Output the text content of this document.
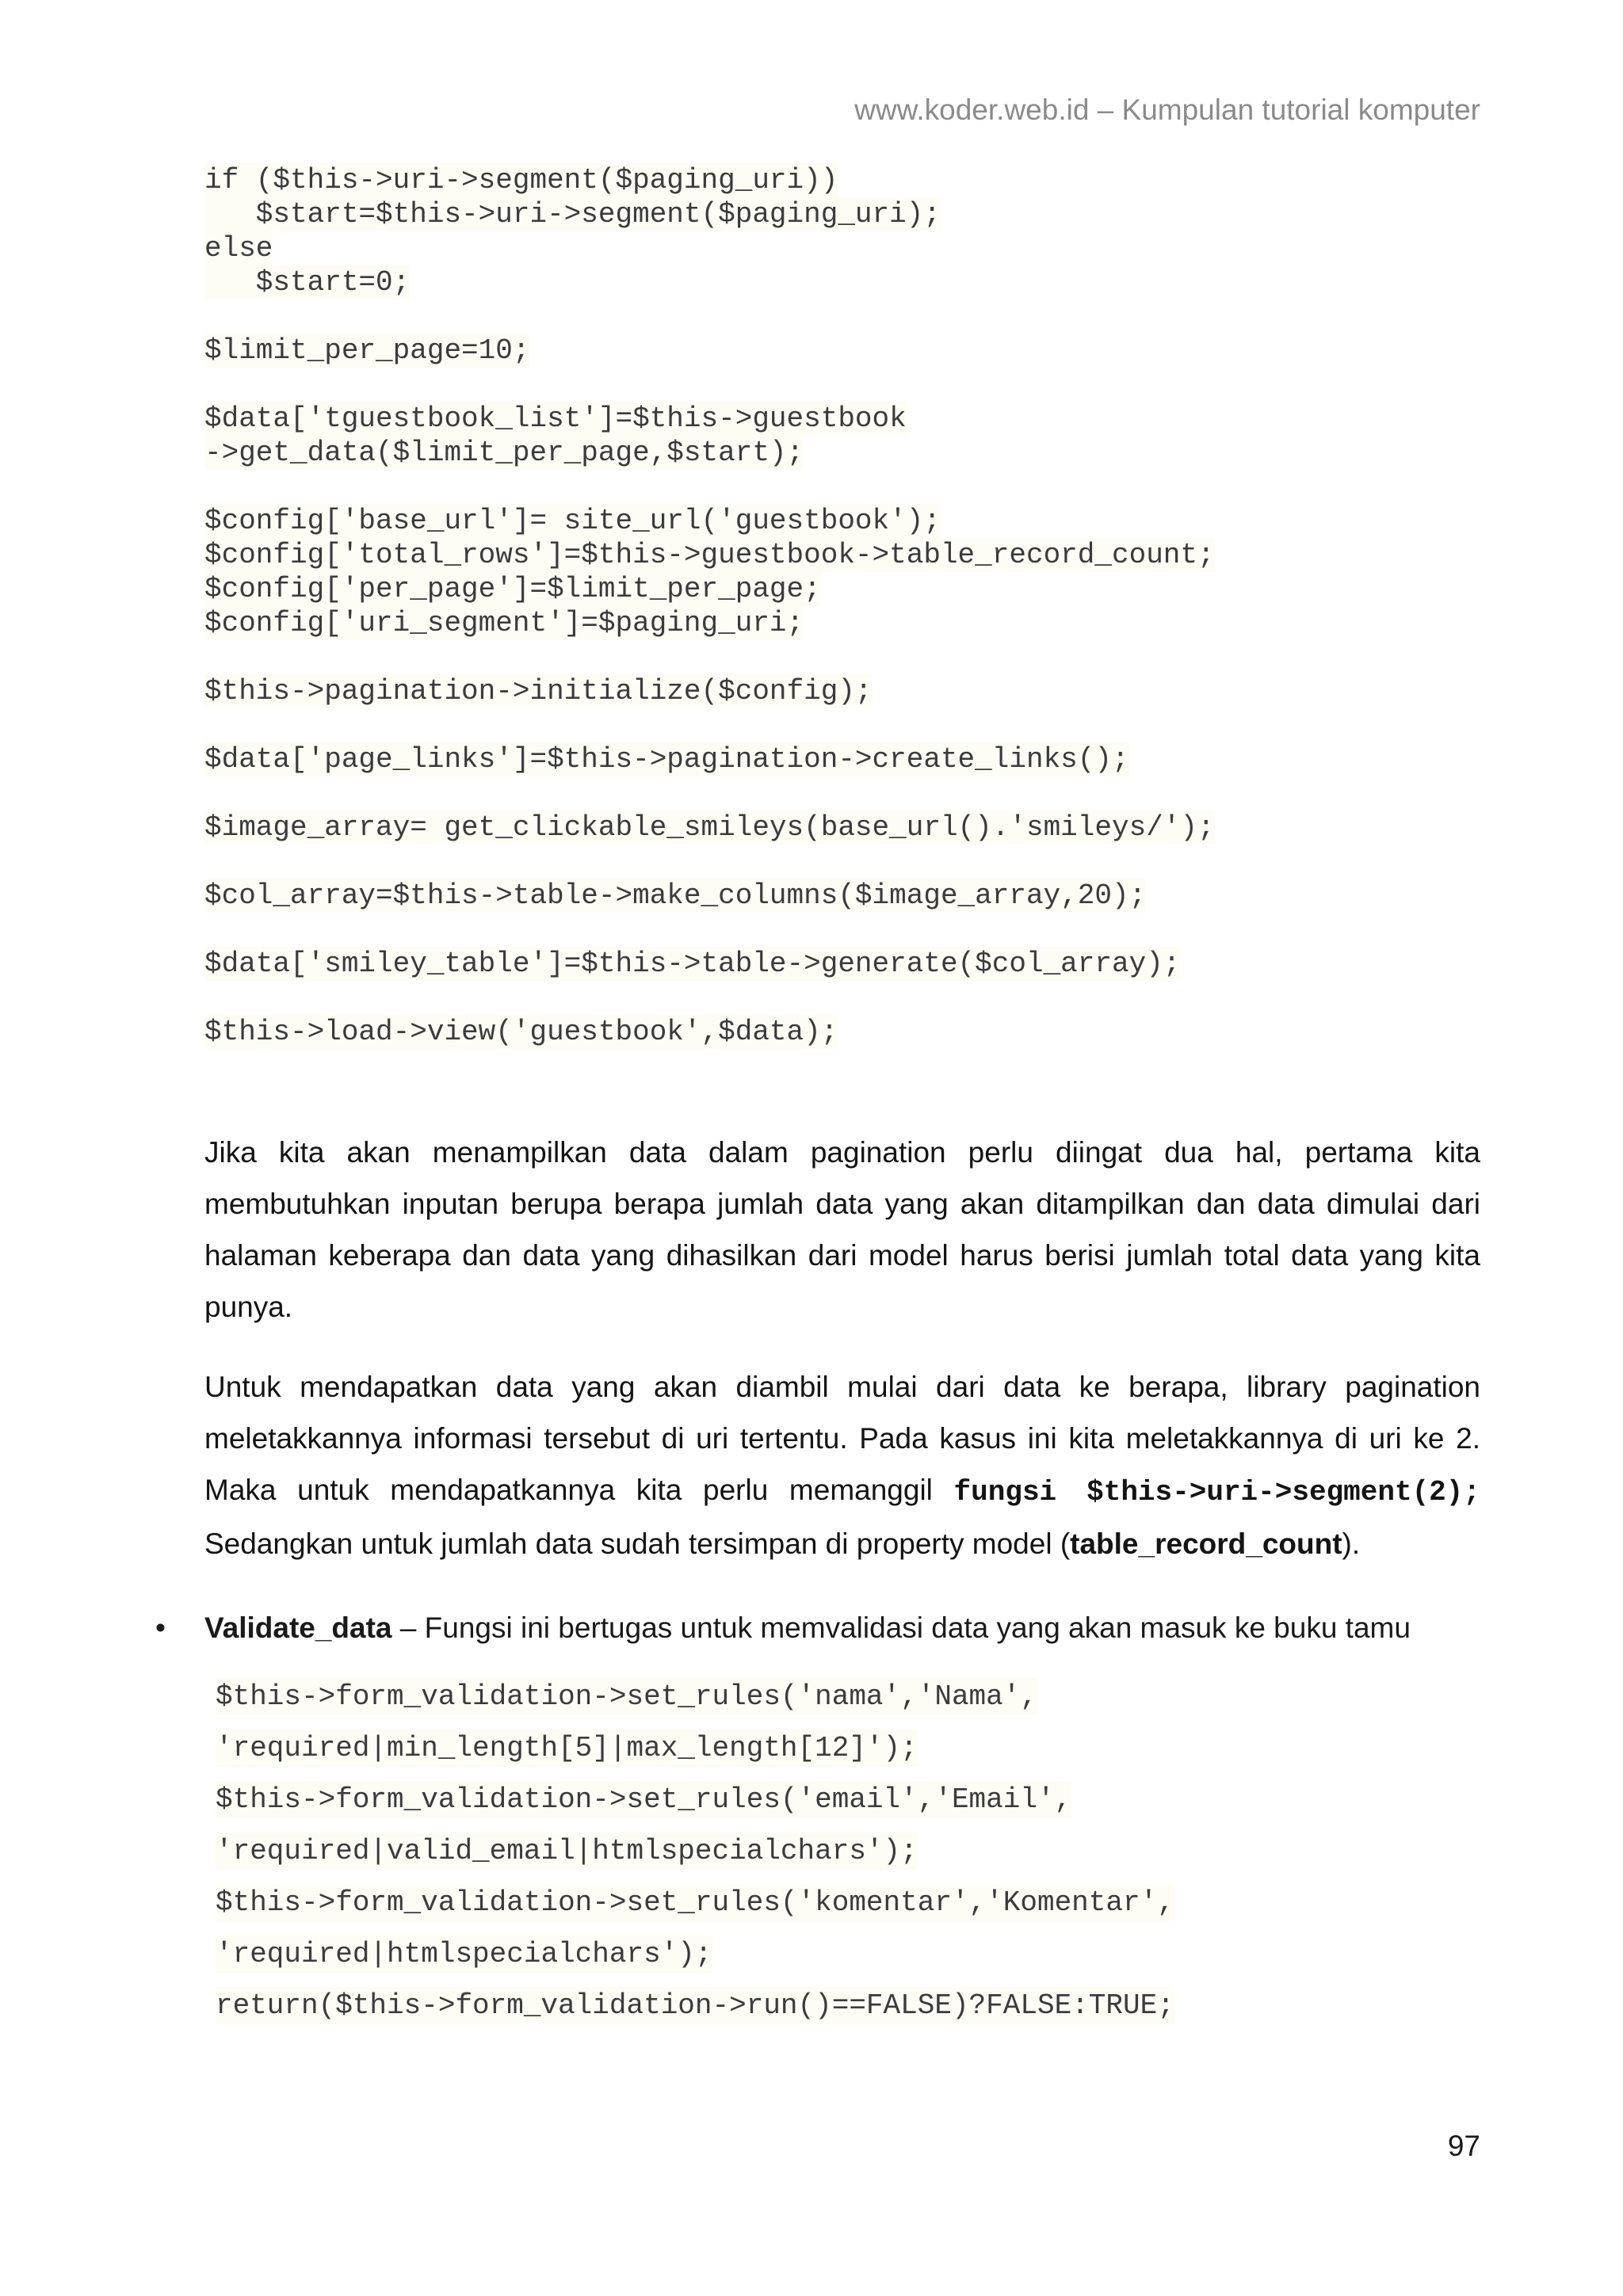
www.koder.web.id – Kumpulan tutorial komputer
if ($this->uri->segment($paging_uri))
$start=$this->uri->segment($paging_uri);
else
$start=0;
$limit_per_page=10;
$data['tguestbook_list']=$this->guestbook
->get_data($limit_per_page,$start);
$config['base_url']= site_url('guestbook');
$config['total_rows']=$this->guestbook->table_record_count;
$config['per_page']=$limit_per_page;
$config['uri_segment']=$paging_uri;
$this->pagination->initialize($config);
$data['page_links']=$this->pagination->create_links();
$image_array= get_clickable_smileys(base_url().'smileys/');
$col_array=$this->table->make_columns($image_array,20);
$data['smiley_table']=$this->table->generate($col_array);
$this->load->view('guestbook',$data);

Jika kita akan menampilkan data dalam pagination perlu diingat dua hal, pertama kita membutuhkan inputan berupa berapa jumlah data yang akan ditampilkan dan data dimulai dari halaman keberapa dan data yang dihasilkan dari model harus berisi jumlah total data yang kita punya.

Untuk mendapatkan data yang akan diambil mulai dari data ke berapa, library pagination meletakkannya informasi tersebut di uri tertentu. Pada kasus ini kita meletakkannya di uri ke 2. Maka untuk mendapatkannya kita perlu memanggil fungsi $this->uri->segment(2); Sedangkan untuk jumlah data sudah tersimpan di property model (table_record_count).

• Validate_data – Fungsi ini bertugas untuk memvalidasi data yang akan masuk ke buku tamu
$this->form_validation->set_rules('nama','Nama',
'required|min_length[5]|max_length[12]');
$this->form_validation->set_rules('email','Email',
'required|valid_email|htmlspecialchars');
$this->form_validation->set_rules('komentar','Komentar',
'required|htmlspecialchars');
return($this->form_validation->run()==FALSE)?FALSE:TRUE;
97
